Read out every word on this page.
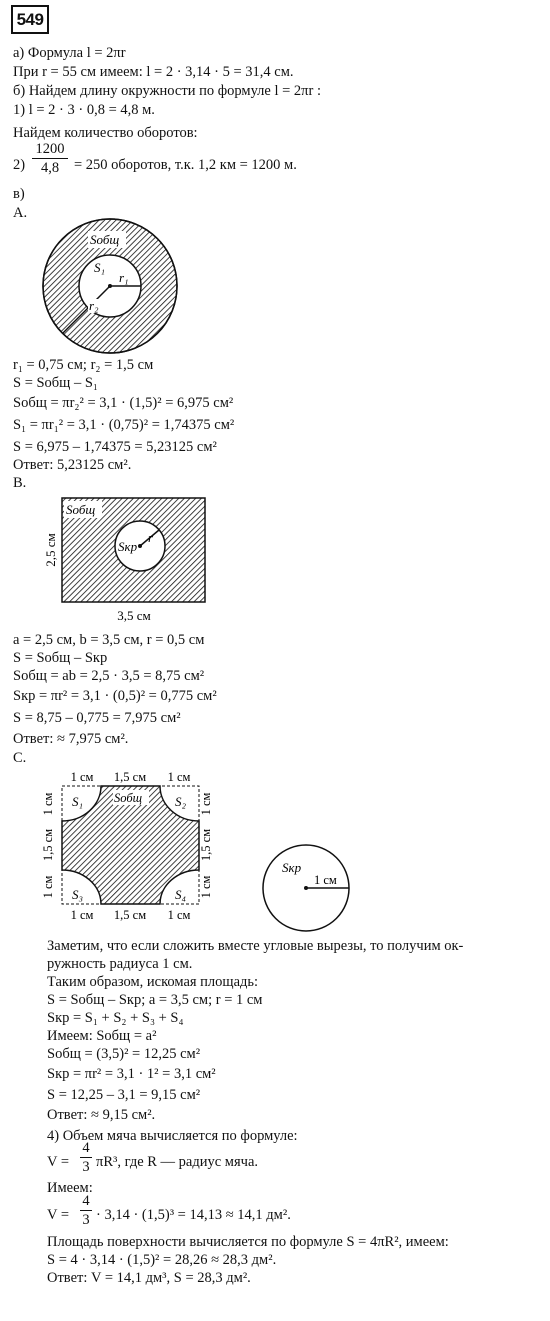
549
а) Формула l = 2πr
При r = 55 см имеем: l = 2 · 3,14 · 5 = 31,4 см.
б) Найдем длину окружности по формуле l = 2πr :
1) l = 2 · 3 · 0,8 = 4,8 м.
Найдем количество оборотов:
2)
1200
4,8	= 250 оборотов, т.к. 1,2 км = 1200 м.
в)
А.
Sобщ
S₁
r₁
r₂
r₁ = 0,75 см; r₂ = 1,5 см
S = Sобщ – S₁
Sобщ = πr₂² = 3,1 · (1,5)² = 6,975 см²
S₁ = πr₁² = 3,1 · (0,75)² = 1,74375 см²
S = 6,975 – 1,74375 = 5,23125 см²
Ответ: 5,23125 см².
В.
Sобщ
Sкр
r
2,5 см
3,5 см
a = 2,5 см, b = 3,5 см, r = 0,5 см
S = Sобщ – Sкр
Sобщ = ab = 2,5 · 3,5 = 8,75 см²
Sкр = πr² = 3,1 · (0,5)² = 0,775 см²
S = 8,75 – 0,775 = 7,975 см²
Ответ: ≈ 7,975 см².
С.
1 см 1,5 см 1 см
1 см 1,5 см 1 см
1 см
1,5 см
1 см
1 см
1,5 см
1 см
S₁	S₂
S₃	S₄
Sобщ
Sкр
1 см
Заметим, что если сложить вместе угловые вырезы, то получим ок-
ружность радиуса 1 см.
Таким образом, искомая площадь:
S = Sобщ – Sкр; a = 3,5 см; r = 1 см
Sкр = S₁ + S₂ + S₃ + S₄
Имеем: Sобщ = a²
Sобщ = (3,5)² = 12,25 см²
Sкр = πr² = 3,1 · 1² = 3,1 см²
S = 12,25 – 3,1 = 9,15 см²
Ответ: ≈ 9,15 см².
4) Объем мяча вычисляется по формуле:
V =
4
3 πR³, где R — радиус мяча.
Имеем:
V =
4
3 · 3,14 · (1,5)³ = 14,13 ≈ 14,1 дм².
Площадь поверхности вычисляется по формуле S = 4πR², имеем:
S = 4 · 3,14 · (1,5)² = 28,26 ≈ 28,3 дм².
Ответ: V = 14,1 дм³, S = 28,3 дм².
